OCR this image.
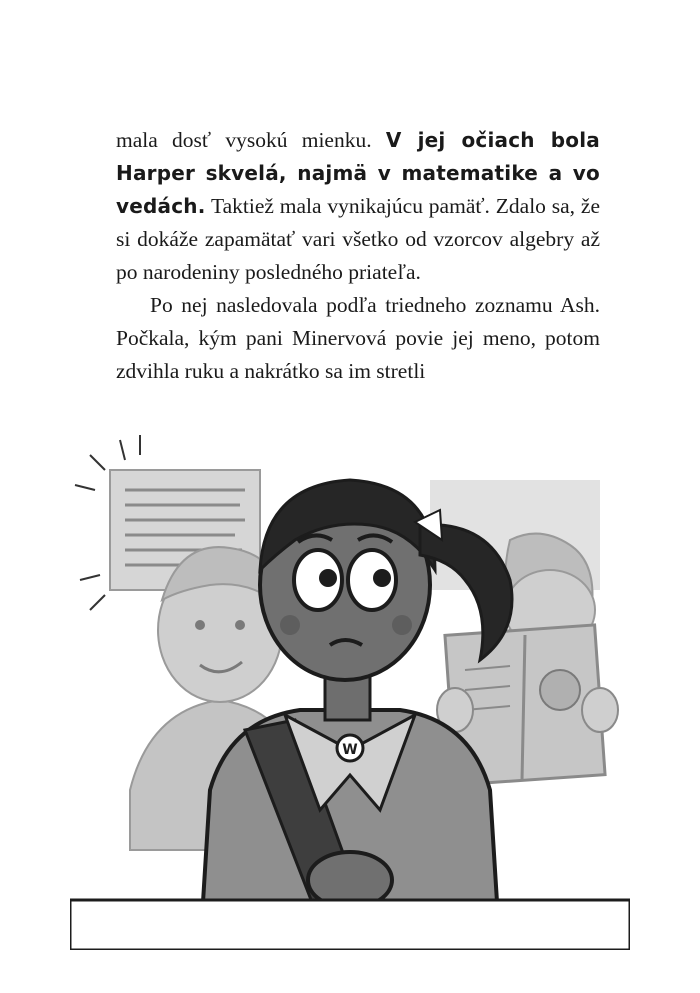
mala dosť vysokú mienku. V jej očiach bola Harper skvelá, najmä v matematike a vo vedách. Taktiež mala vynikajúcu pamäť. Zdalo sa, že si dokáže zapamätať vari všetko od vzorcov algebry až po narodeniny posledného priateľa.

Po nej nasledovala podľa triedneho zoznamu Ash. Počkala, kým pani Minervová povie jej meno, potom zdvihla ruku a nakrátko sa im stretli

W
